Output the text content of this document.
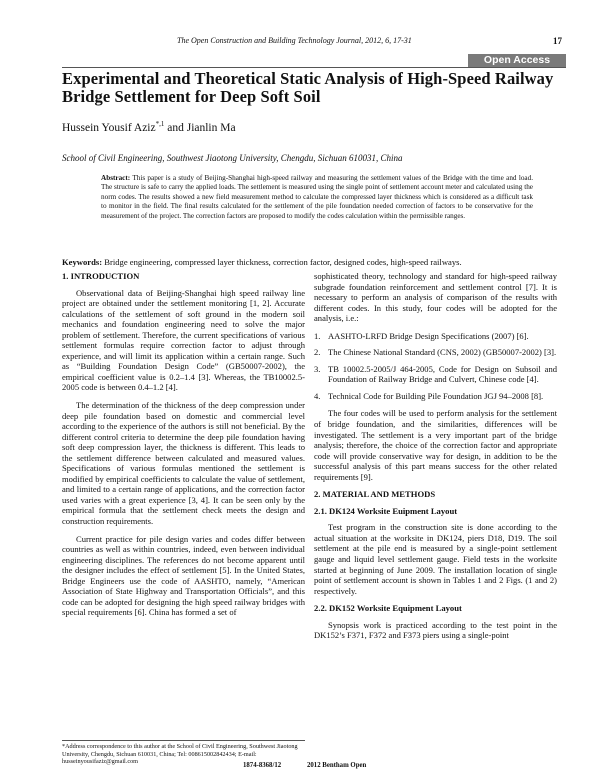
The Open Construction and Building Technology Journal, 2012, 6, 17-31	17
Open Access
Experimental and Theoretical Static Analysis of High-Speed Railway Bridge Settlement for Deep Soft Soil
Hussein Yousif Aziz$^{*,1}$ and Jianlin Ma
School of Civil Engineering, Southwest Jiaotong University, Chengdu, Sichuan 610031, China
Abstract: This paper is a study of Beijing-Shanghai high-speed railway and measuring the settlement values of the Bridge with the time and load. The structure is safe to carry the applied loads. The settlement is measured using the single point of settlement account meter and calculated using the norm codes. The results showed a new field measurement method to calculate the compressed layer thickness which is considered as a difficult task to monitor in the field. The final results calculated for the settlement of the pile foundation needed correction of factors to be conservative for the measurement of the project. The correction factors are proposed to modify the codes calculation within the permissible ranges.
Keywords: Bridge engineering, compressed layer thickness, correction factor, designed codes, high-speed railways.
1. INTRODUCTION

Observational data of Beijing-Shanghai high speed railway line project are obtained under the settlement monitoring [1, 2]. Accurate calculations of the settlement of soft ground in the modern soil mechanics and foundation engineering need to solve the major problem of settlement. Therefore, the current specifications of various settlement formulas require correction factor to adjust through experience, and will limit its application within a certain range. Such as “Building Foundation Design Code” (GB50007-2002), the empirical coefficient value is 0.2–1.4 [3]. Whereas, the TB10002.5-2005 code is between 0.4–1.2 [4].

The determination of the thickness of the deep compression under deep pile foundation based on domestic and commercial level according to the experience of the authors is still not beneficial. By the different control criteria to determine the deep pile foundation having soft deep compression layer, the thickness is different. This leads to the settlement difference between calculated and measured values. Specifications of various formulas mentioned the settlement is modified by empirical coefficients to calculate the value of settlement, and limited to a certain range of applications, and the correction factor used varies with a great experience [3, 4]. It can be seen only by the empirical formula that the settlement check meets the design and construction requirements.

Current practice for pile design varies and codes differ between countries as well as within countries, indeed, even between individual engineering disciplines. The references do not become apparent until the designer includes the effect of settlement [5]. In the United States, Bridge Engineers use the code of AASHTO, namely, “American Association of State Highway and Transportation Officials”, and this code can be adopted for designing the high speed railway bridges with special requirements [6]. China has formed a set of

sophisticated theory, technology and standard for high-speed railway subgrade foundation reinforcement and settlement control [7]. It is necessary to perform an analysis of comparison of the results with different codes. In this study, four codes will be adopted for the analysis, i.e.:

1. AASHTO-LRFD Bridge Design Specifications (2007) [6].
2. The Chinese National Standard (CNS, 2002) (GB50007-2002) [3].
3. TB 10002.5-2005/J 464-2005, Code for Design on Subsoil and Foundation of Railway Bridge and Culvert, Chinese code [4].
4. Technical Code for Building Pile Foundation JGJ 94–2008 [8].

The four codes will be used to perform analysis for the settlement of bridge foundation, and the similarities, differences will be investigated. The settlement is a very important part of the bridge analysis; therefore, the choice of the correction factor and appropriate code will provide conservative way for design, in addition to be the successful analysis of this part means success for the other related requirements [9].

2. MATERIAL AND METHODS
2.1. DK124 Worksite Euipment Layout

Test program in the construction site is done according to the actual situation at the worksite in DK124, piers D18, D19. The soil settlement at the pile end is measured by a single-point settlement gauge and liquid level settlement gauge. Field tests in the worksite started at beginning of June 2009. The installation location of single point of settlement account is shown in Tables 1 and 2 Figs. (1 and 2) respectively.

2.2. DK152 Worksite Equipment Layout

Synopsis work is practiced according to the test point in the DK152’s F371, F372 and F373 piers using a single-point

*Address correspondence to this author at the School of Civil Engineering, Southwest Jiaotong University, Chengdu, Sichuan 610031, China; Tel: 008615002842434; E-mail: husseinyousifaziz@gmail.com
1874-8368/12	2012 Bentham Open
